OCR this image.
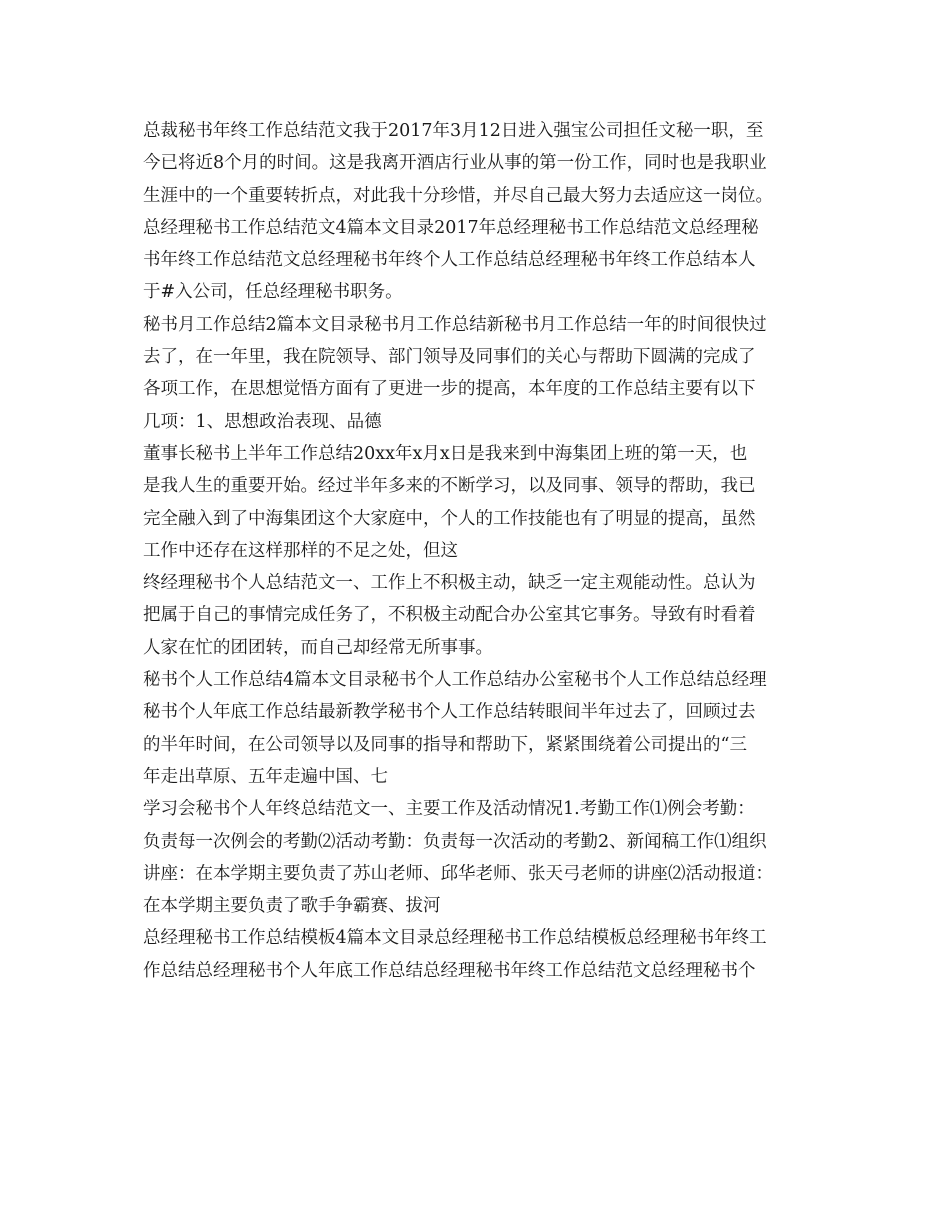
总裁秘书年终工作总结范文我于2017年3月12日进入强宝公司担任文秘一职，至
今已将近8个月的时间。这是我离开酒店行业从事的第一份工作，同时也是我职业
生涯中的一个重要转折点，对此我十分珍惜，并尽自己最大努力去适应这一岗位。
总经理秘书工作总结范文4篇本文目录2017年总经理秘书工作总结范文总经理秘
书年终工作总结范文总经理秘书年终个人工作总结总经理秘书年终工作总结本人
于#入公司，任总经理秘书职务。
秘书月工作总结2篇本文目录秘书月工作总结新秘书月工作总结一年的时间很快过
去了，在一年里，我在院领导、部门领导及同事们的关心与帮助下圆满的完成了
各项工作，在思想觉悟方面有了更进一步的提高，本年度的工作总结主要有以下
几项：1、思想政治表现、品德
董事长秘书上半年工作总结20xx年x月x日是我来到中海集团上班的第一天，也
是我人生的重要开始。经过半年多来的不断学习，以及同事、领导的帮助，我已
完全融入到了中海集团这个大家庭中，个人的工作技能也有了明显的提高，虽然
工作中还存在这样那样的不足之处，但这
终经理秘书个人总结范文一、工作上不积极主动，缺乏一定主观能动性。总认为
把属于自己的事情完成任务了，不积极主动配合办公室其它事务。导致有时看着
人家在忙的团团转，而自己却经常无所事事。
秘书个人工作总结4篇本文目录秘书个人工作总结办公室秘书个人工作总结总经理
秘书个人年底工作总结最新教学秘书个人工作总结转眼间半年过去了，回顾过去
的半年时间，在公司领导以及同事的指导和帮助下，紧紧围绕着公司提出的“三
年走出草原、五年走遍中国、七
学习会秘书个人年终总结范文一、主要工作及活动情况1.考勤工作⑴例会考勤：
负责每一次例会的考勤⑵活动考勤：负责每一次活动的考勤2、新闻稿工作⑴组织
讲座：在本学期主要负责了苏山老师、邱华老师、张天弓老师的讲座⑵活动报道：
在本学期主要负责了歌手争霸赛、拔河
总经理秘书工作总结模板4篇本文目录总经理秘书工作总结模板总经理秘书年终工
作总结总经理秘书个人年底工作总结总经理秘书年终工作总结范文总经理秘书个
